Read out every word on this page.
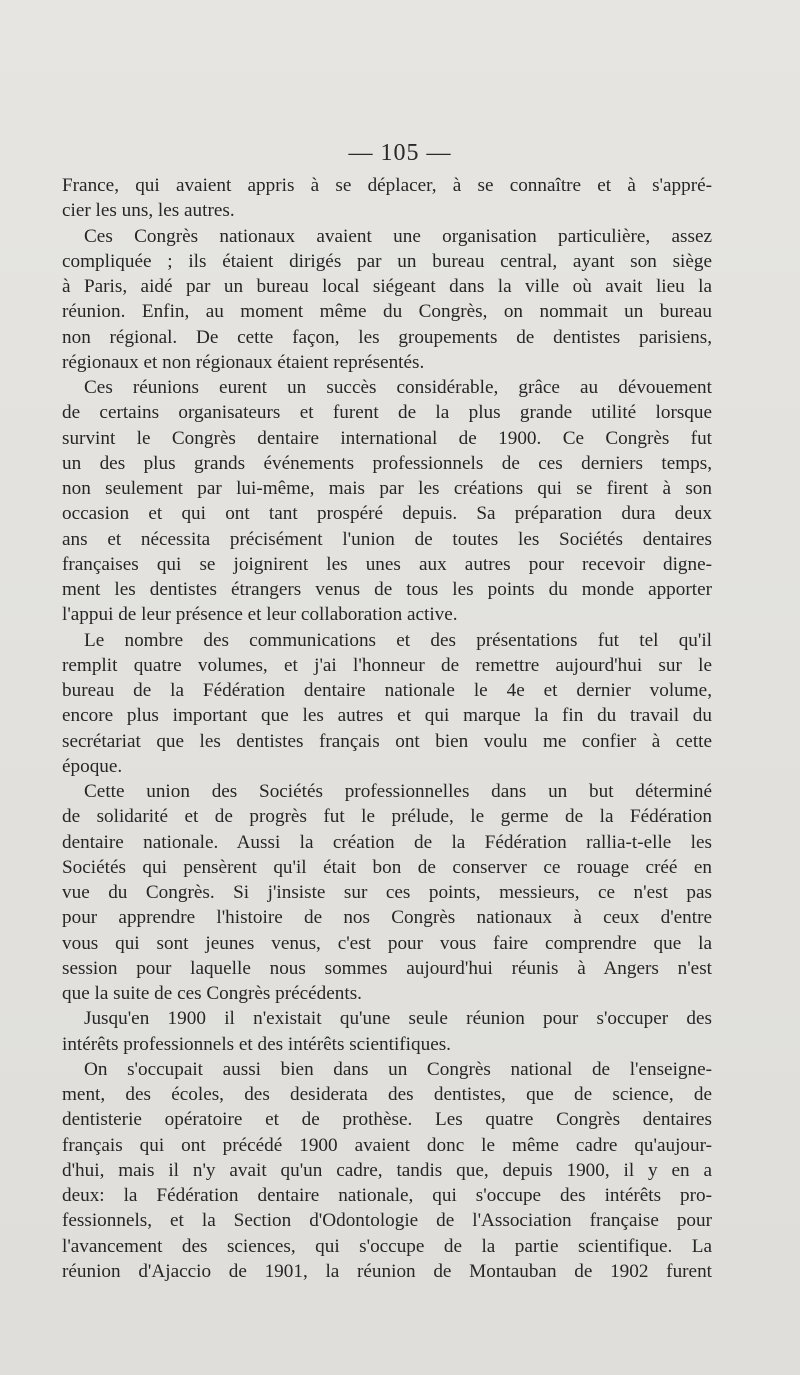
— 105 —
France, qui avaient appris à se déplacer, à se connaître et à s'appré-
cier les uns, les autres.
Ces Congrès nationaux avaient une organisation particulière, assez
compliquée ; ils étaient dirigés par un bureau central, ayant son siège
à Paris, aidé par un bureau local siégeant dans la ville où avait lieu la
réunion. Enfin, au moment même du Congrès, on nommait un bureau
non régional. De cette façon, les groupements de dentistes parisiens,
régionaux et non régionaux étaient représentés.
Ces réunions eurent un succès considérable, grâce au dévouement
de certains organisateurs et furent de la plus grande utilité lorsque
survint le Congrès dentaire international de 1900. Ce Congrès fut
un des plus grands événements professionnels de ces derniers temps,
non seulement par lui-même, mais par les créations qui se firent à son
occasion et qui ont tant prospéré depuis. Sa préparation dura deux
ans et nécessita précisément l'union de toutes les Sociétés dentaires
françaises qui se joignirent les unes aux autres pour recevoir digne-
ment les dentistes étrangers venus de tous les points du monde apporter
l'appui de leur présence et leur collaboration active.
Le nombre des communications et des présentations fut tel qu'il
remplit quatre volumes, et j'ai l'honneur de remettre aujourd'hui sur le
bureau de la Fédération dentaire nationale le 4e et dernier volume,
encore plus important que les autres et qui marque la fin du travail du
secrétariat que les dentistes français ont bien voulu me confier à cette
époque.
Cette union des Sociétés professionnelles dans un but déterminé
de solidarité et de progrès fut le prélude, le germe de la Fédération
dentaire nationale. Aussi la création de la Fédération rallia-t-elle les
Sociétés qui pensèrent qu'il était bon de conserver ce rouage créé en
vue du Congrès. Si j'insiste sur ces points, messieurs, ce n'est pas
pour apprendre l'histoire de nos Congrès nationaux à ceux d'entre
vous qui sont jeunes venus, c'est pour vous faire comprendre que la
session pour laquelle nous sommes aujourd'hui réunis à Angers n'est
que la suite de ces Congrès précédents.
Jusqu'en 1900 il n'existait qu'une seule réunion pour s'occuper des
intérêts professionnels et des intérêts scientifiques.
On s'occupait aussi bien dans un Congrès national de l'enseigne-
ment, des écoles, des desiderata des dentistes, que de science, de
dentisterie opératoire et de prothèse. Les quatre Congrès dentaires
français qui ont précédé 1900 avaient donc le même cadre qu'aujour-
d'hui, mais il n'y avait qu'un cadre, tandis que, depuis 1900, il y en a
deux: la Fédération dentaire nationale, qui s'occupe des intérêts pro-
fessionnels, et la Section d'Odontologie de l'Association française pour
l'avancement des sciences, qui s'occupe de la partie scientifique. La
réunion d'Ajaccio de 1901, la réunion de Montauban de 1902 furent
